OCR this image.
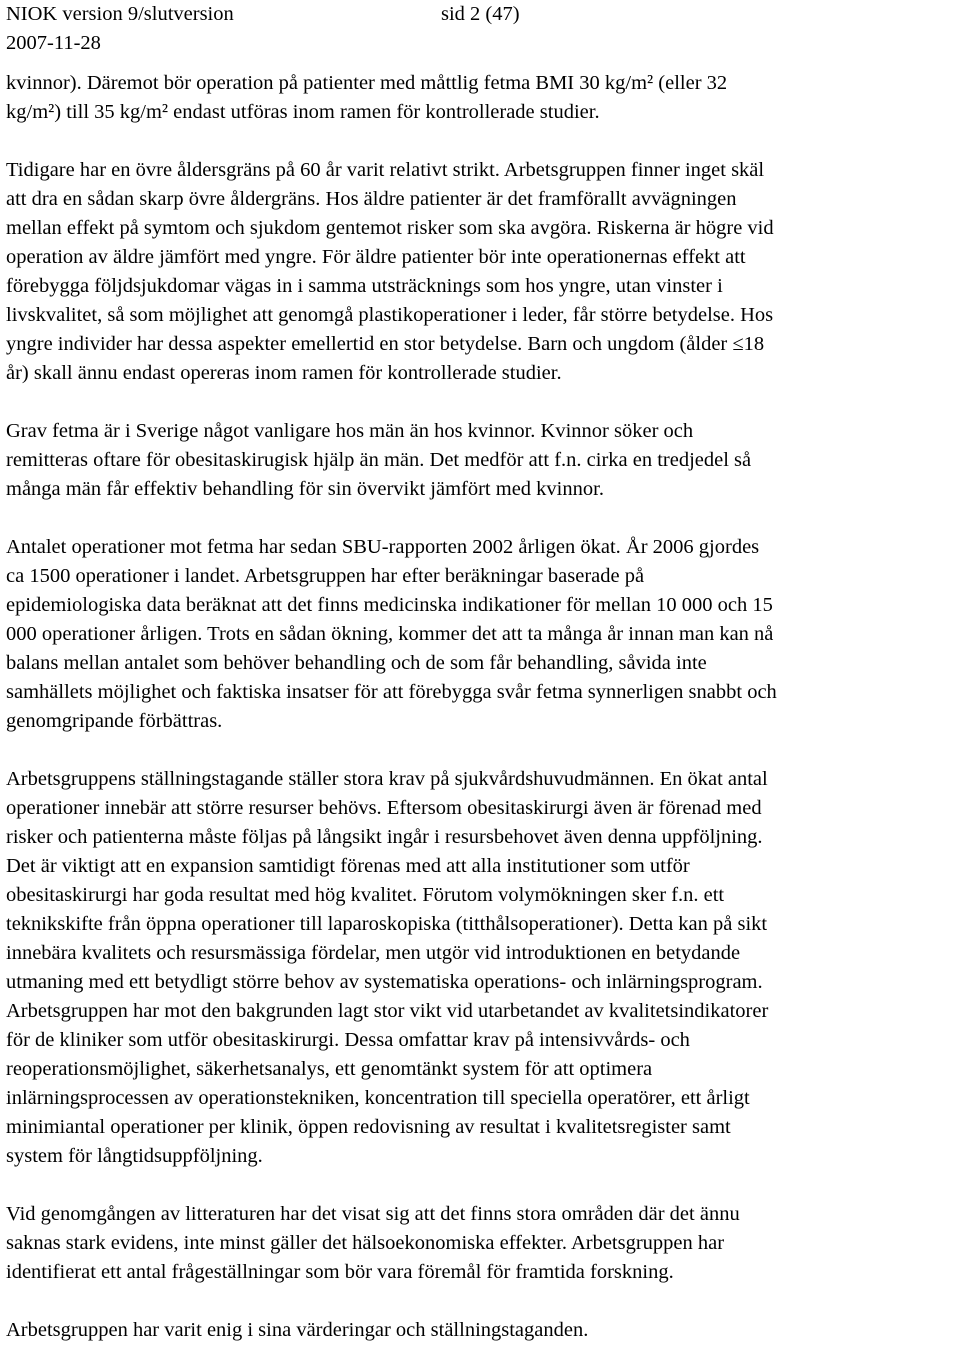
NIOK version 9/slutversion	sid 2 (47)
2007-11-28

kvinnor). Däremot bör operation på patienter med måttlig fetma BMI 30 kg/m² (eller 32
kg/m²) till 35 kg/m² endast utföras inom ramen för kontrollerade studier.

Tidigare har en övre åldersgräns på 60 år varit relativt strikt. Arbetsgruppen finner inget skäl
att dra en sådan skarp övre åldergräns. Hos äldre patienter är det framförallt avvägningen
mellan effekt på symtom och sjukdom gentemot risker som ska avgöra. Riskerna är högre vid
operation av äldre jämfört med yngre. För äldre patienter bör inte operationernas effekt att
förebygga följdsjukdomar vägas in i samma utsträcknings som hos yngre, utan vinster i
livskvalitet, så som möjlighet att genomgå plastikoperationer i leder, får större betydelse. Hos
yngre individer har dessa aspekter emellertid en stor betydelse. Barn och ungdom (ålder ≤18
år) skall ännu endast opereras inom ramen för kontrollerade studier.

Grav fetma är i Sverige något vanligare hos män än hos kvinnor. Kvinnor söker och
remitteras oftare för obesitaskirugisk hjälp än män. Det medför att f.n. cirka en tredjedel så
många män får effektiv behandling för sin övervikt jämfört med kvinnor.

Antalet operationer mot fetma har sedan SBU-rapporten 2002 årligen ökat. År 2006 gjordes
ca 1500 operationer i landet. Arbetsgruppen har efter beräkningar baserade på
epidemiologiska data beräknat att det finns medicinska indikationer för mellan 10 000 och 15
000 operationer årligen. Trots en sådan ökning, kommer det att ta många år innan man kan nå
balans mellan antalet som behöver behandling och de som får behandling, såvida inte
samhällets möjlighet och faktiska insatser för att förebygga svår fetma synnerligen snabbt och
genomgripande förbättras.

Arbetsgruppens ställningstagande ställer stora krav på sjukvårdshuvudmännen. En ökat antal
operationer innebär att större resurser behövs. Eftersom obesitaskirurgi även är förenad med
risker och patienterna måste följas på långsikt ingår i resursbehovet även denna uppföljning.
Det är viktigt att en expansion samtidigt förenas med att alla institutioner som utför
obesitaskirurgi har goda resultat med hög kvalitet. Förutom volymökningen sker f.n. ett
teknikskifte från öppna operationer till laparoskopiska (titthålsoperationer). Detta kan på sikt
innebära kvalitets och resursmässiga fördelar, men utgör vid introduktionen en betydande
utmaning med ett betydligt större behov av systematiska operations- och inlärningsprogram.
Arbetsgruppen har mot den bakgrunden lagt stor vikt vid utarbetandet av kvalitetsindikatorer
för de kliniker som utför obesitaskirurgi. Dessa omfattar krav på intensivvårds- och
reoperationsmöjlighet, säkerhetsanalys, ett genomtänkt system för att optimera
inlärningsprocessen av operationstekniken, koncentration till speciella operatörer, ett årligt
minimiantal operationer per klinik, öppen redovisning av resultat i kvalitetsregister samt
system för långtidsuppföljning.

Vid genomgången av litteraturen har det visat sig att det finns stora områden där det ännu
saknas stark evidens, inte minst gäller det hälsoekonomiska effekter. Arbetsgruppen har
identifierat ett antal frågeställningar som bör vara föremål för framtida forskning.

Arbetsgruppen har varit enig i sina värderingar och ställningstaganden.
